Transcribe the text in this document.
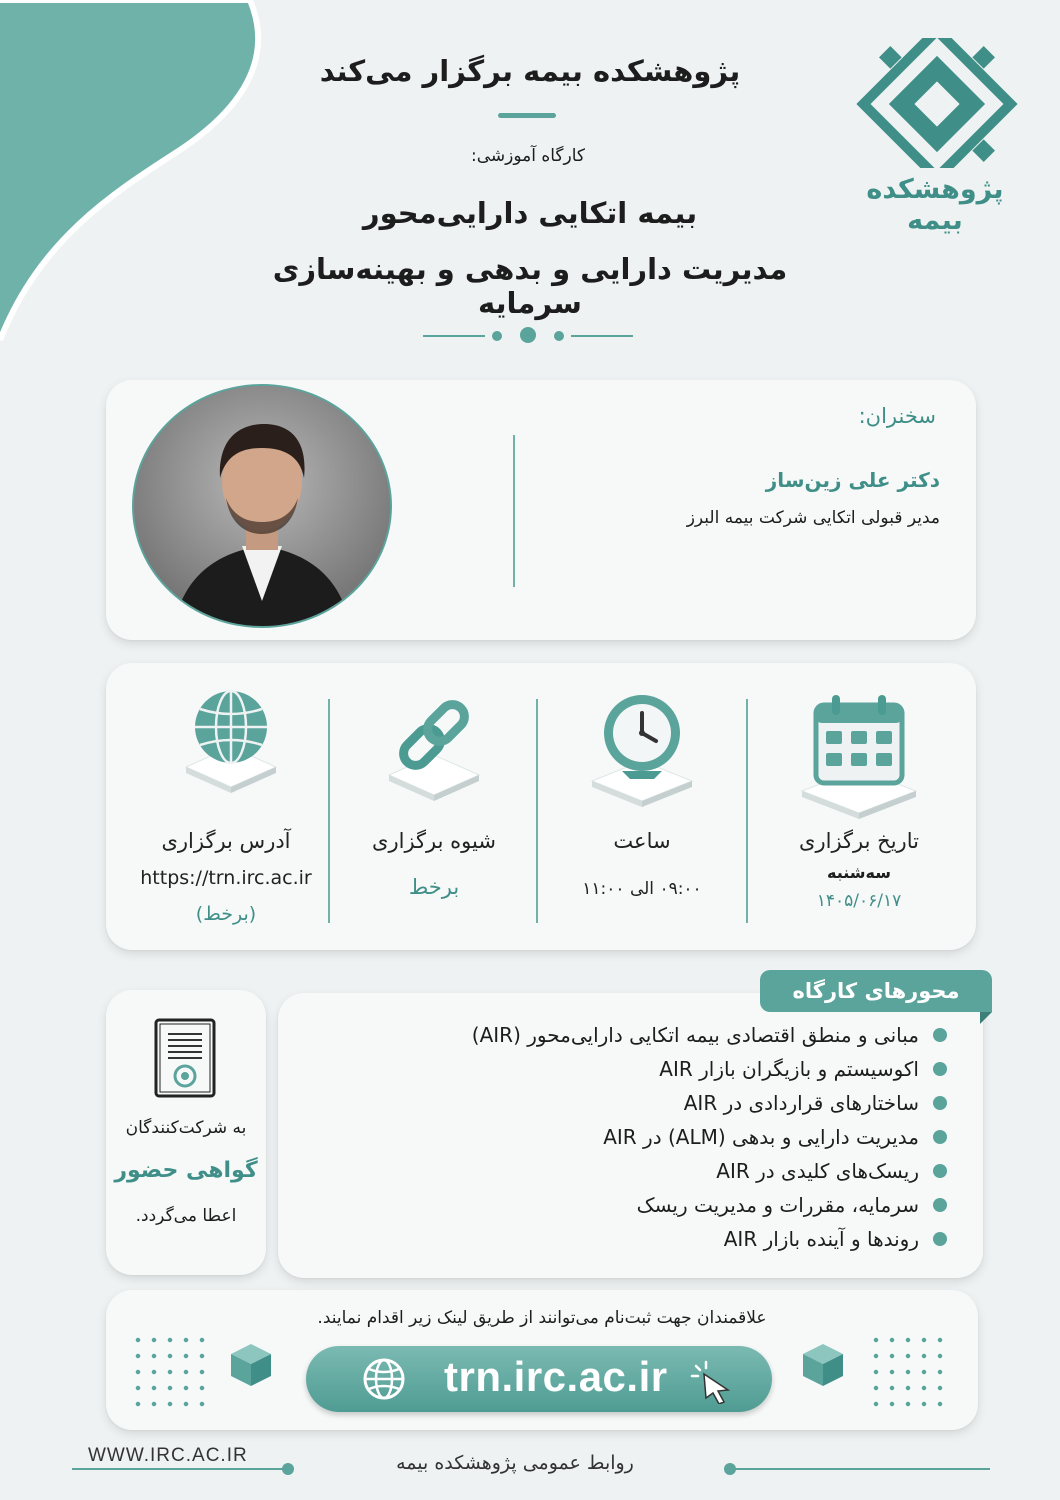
پژوهشکده بیمه
پژوهشکده بیمه برگزار می‌کند
کارگاه آموزشی:
بیمه اتکایی دارایی‌محور
مدیریت دارایی و بدهی و بهینه‌سازی سرمایه
سخنران:
دکتر علی زین‌ساز
مدیر قبولی اتکایی شرکت بیمه البرز
آدرس برگزاری
https://trn.irc.ac.ir
(برخط)
شیوه برگزاری
برخط
ساعت
۰۹:۰۰ الی ۱۱:۰۰
تاریخ برگزاری
سه‌شنبه
۱۴۰۵/۰۶/۱۷
به شرکت‌کنندگان
گواهی حضور
اعطا می‌گردد.
مبانی و منطق اقتصادی بیمه اتکایی دارایی‌محور (AIR)
اکوسیستم و بازیگران بازار AIR
ساختارهای قراردادی در AIR
مدیریت دارایی و بدهی (ALM) در AIR
ریسک‌های کلیدی در AIR
سرمایه، مقررات و مدیریت ریسک
روندها و آینده بازار AIR
محورهای کارگاه
علاقمندان جهت ثبت‌نام می‌توانند از طریق لینک زیر اقدام نمایند.
trn.irc.ac.ir
WWW.IRC.AC.IR	روابط عمومی پژوهشکده بیمه
